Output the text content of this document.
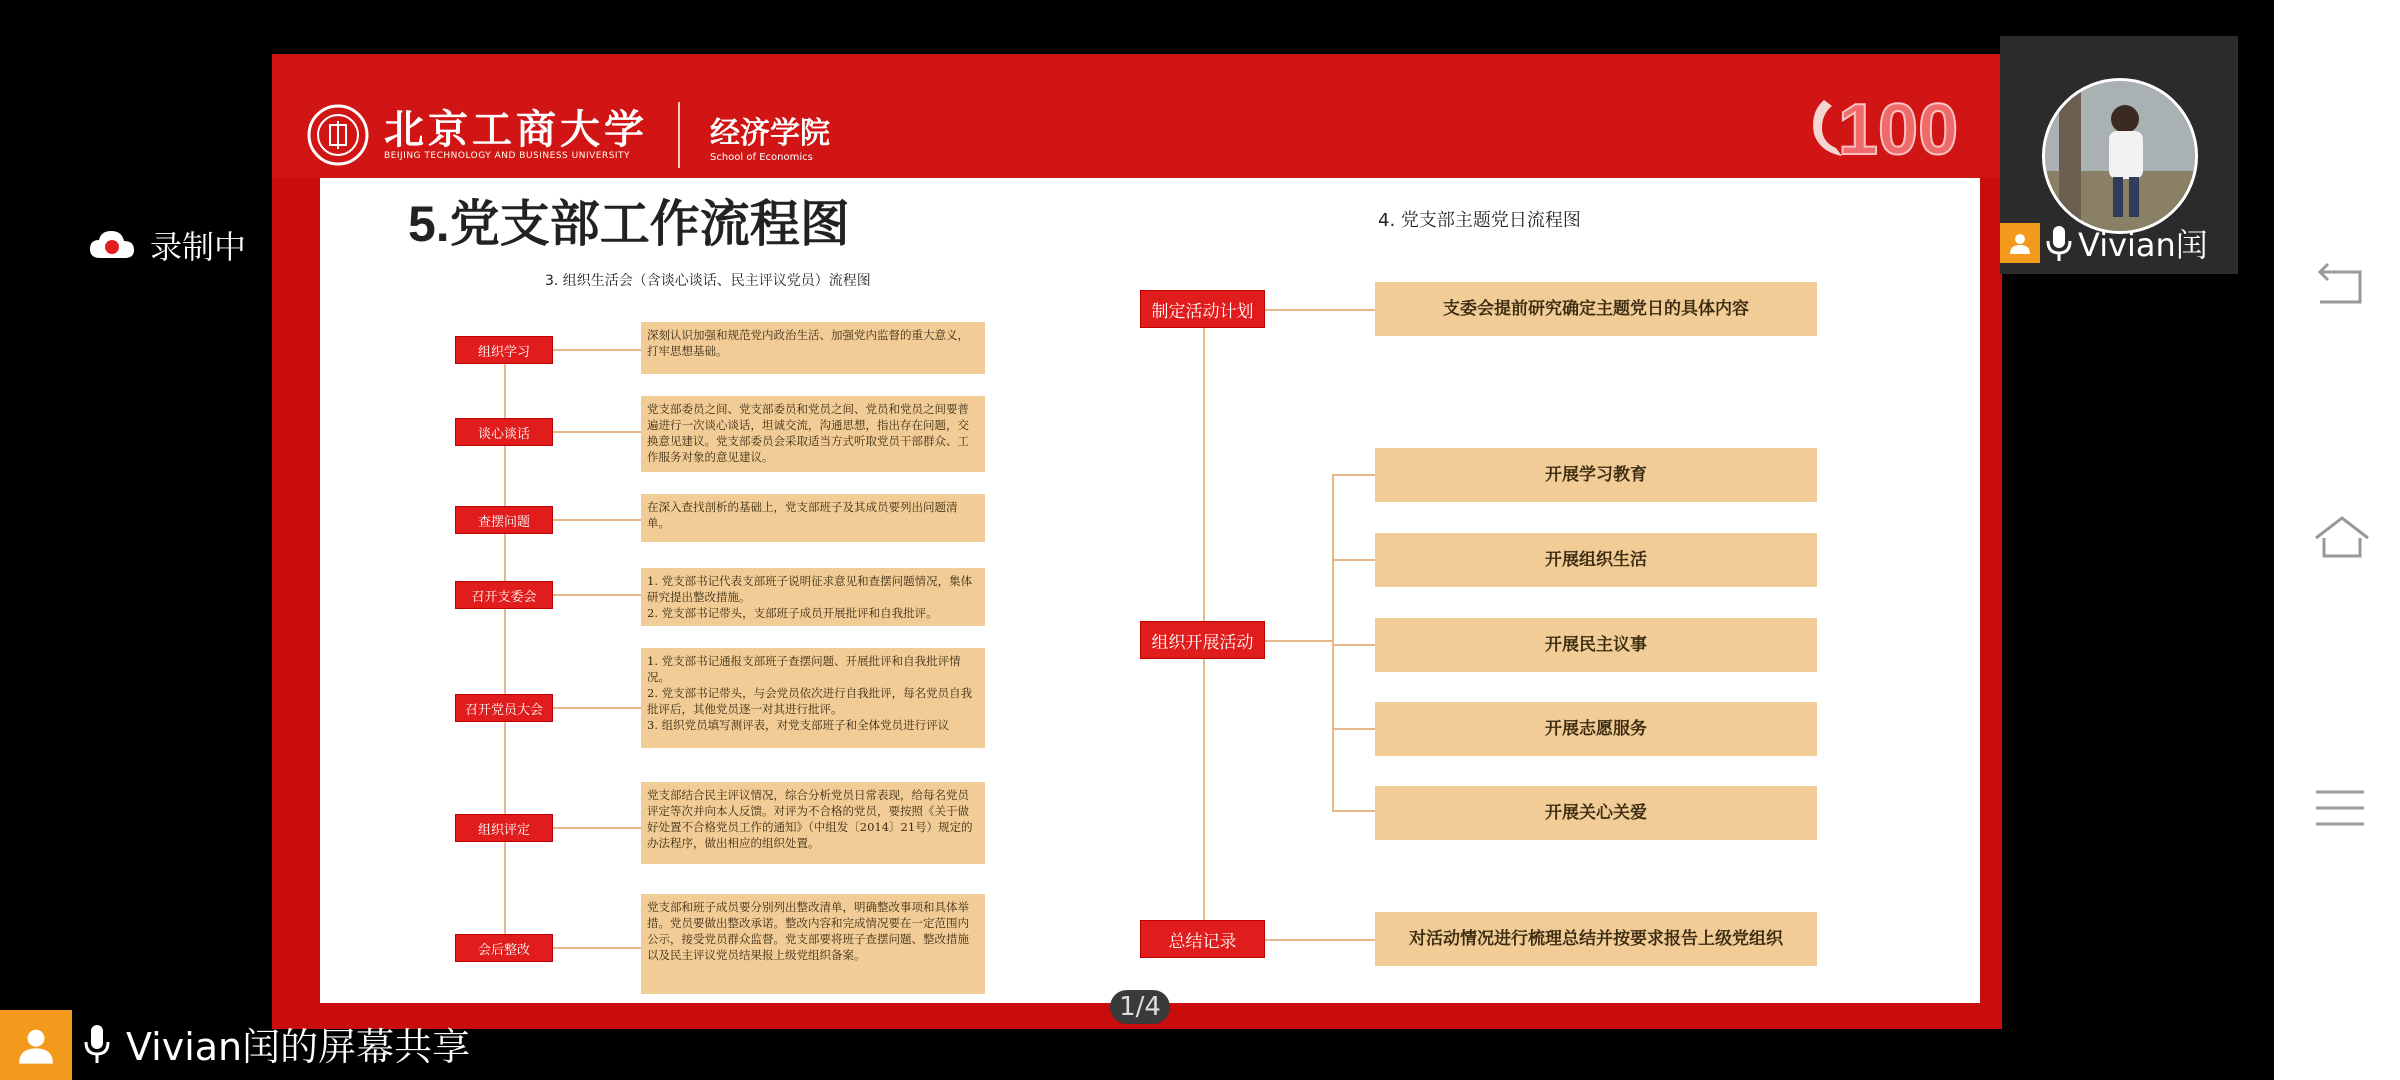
录制中
北京工商大学
BEIJING TECHNOLOGY AND BUSINESS UNIVERSITY
经济学院
School of Economics	100
5.党支部工作流程图
3. 组织生活会（含谈心谈话、民主评议党员）流程图
4. 党支部主题党日流程图
组织学习
深刻认识加强和规范党内政治生活、加强党内监督的重大意义，打牢思想基础。
谈心谈话
党支部委员之间、党支部委员和党员之间、党员和党员之间要普遍进行一次谈心谈话，坦诚交流，沟通思想，指出存在问题，交换意见建议。党支部委员会采取适当方式听取党员干部群众、工作服务对象的意见建议。
查摆问题
在深入查找剖析的基础上，党支部班子及其成员要列出问题清单。
召开支委会
1. 党支部书记代表支部班子说明征求意见和查摆问题情况，集体研究提出整改措施。
2. 党支部书记带头，支部班子成员开展批评和自我批评。
召开党员大会
1. 党支部书记通报支部班子查摆问题、开展批评和自我批评情况。
2. 党支部书记带头，与会党员依次进行自我批评，每名党员自我批评后，其他党员逐一对其进行批评。
3. 组织党员填写测评表，对党支部班子和全体党员进行评议
组织评定
党支部结合民主评议情况，综合分析党员日常表现，给每名党员评定等次并向本人反馈。对评为不合格的党员，要按照《关于做好处置不合格党员工作的通知》（中组发〔2014〕21号）规定的办法程序，做出相应的组织处置。
会后整改
党支部和班子成员要分别列出整改清单，明确整改事项和具体举措。党员要做出整改承诺。整改内容和完成情况要在一定范围内公示，接受党员群众监督。党支部要将班子查摆问题、整改措施以及民主评议党员结果报上级党组织备案。
制定活动计划	支委会提前研究确定主题党日的具体内容
组织开展活动
开展学习教育
开展组织生活
开展民主议事
开展志愿服务
开展关心关爱
总结记录	对活动情况进行梳理总结并按要求报告上级党组织
1/4
Vivian闰
Vivian闰的屏幕共享
